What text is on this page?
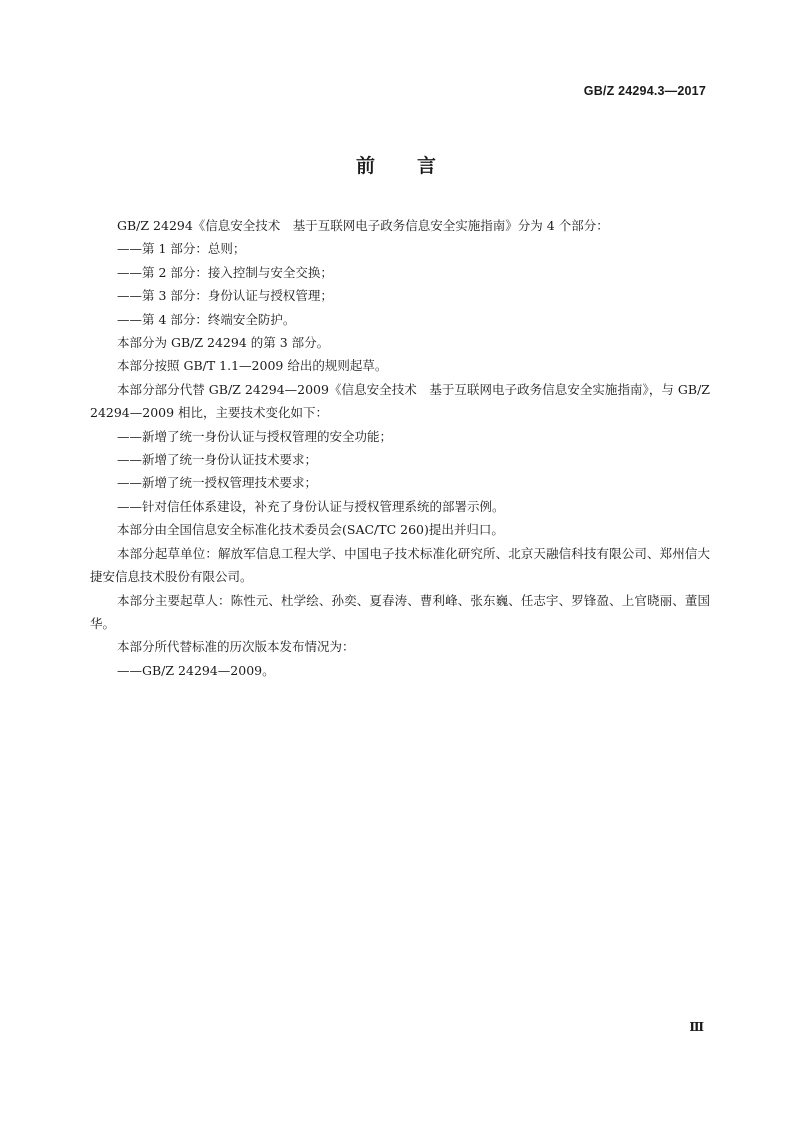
GB/Z 24294.3—2017
前 言

GB/Z 24294《信息安全技术　基于互联网电子政务信息安全实施指南》分为 4 个部分：

——第 1 部分：总则；

——第 2 部分：接入控制与安全交换；

——第 3 部分：身份认证与授权管理；

——第 4 部分：终端安全防护。

本部分为 GB/Z 24294 的第 3 部分。

本部分按照 GB/T 1.1—2009 给出的规则起草。

本部分部分代替 GB/Z 24294—2009《信息安全技术　基于互联网电子政务信息安全实施指南》，与 GB/Z 24294—2009 相比，主要技术变化如下：

——新增了统一身份认证与授权管理的安全功能；

——新增了统一身份认证技术要求；

——新增了统一授权管理技术要求；

——针对信任体系建设，补充了身份认证与授权管理系统的部署示例。

本部分由全国信息安全标准化技术委员会(SAC/TC 260)提出并归口。

本部分起草单位：解放军信息工程大学、中国电子技术标准化研究所、北京天融信科技有限公司、郑州信大捷安信息技术股份有限公司。

本部分主要起草人：陈性元、杜学绘、孙奕、夏春涛、曹利峰、张东巍、任志宇、罗锋盈、上官晓丽、董国华。

本部分所代替标准的历次版本发布情况为：

——GB/Z 24294—2009。

Ⅲ
